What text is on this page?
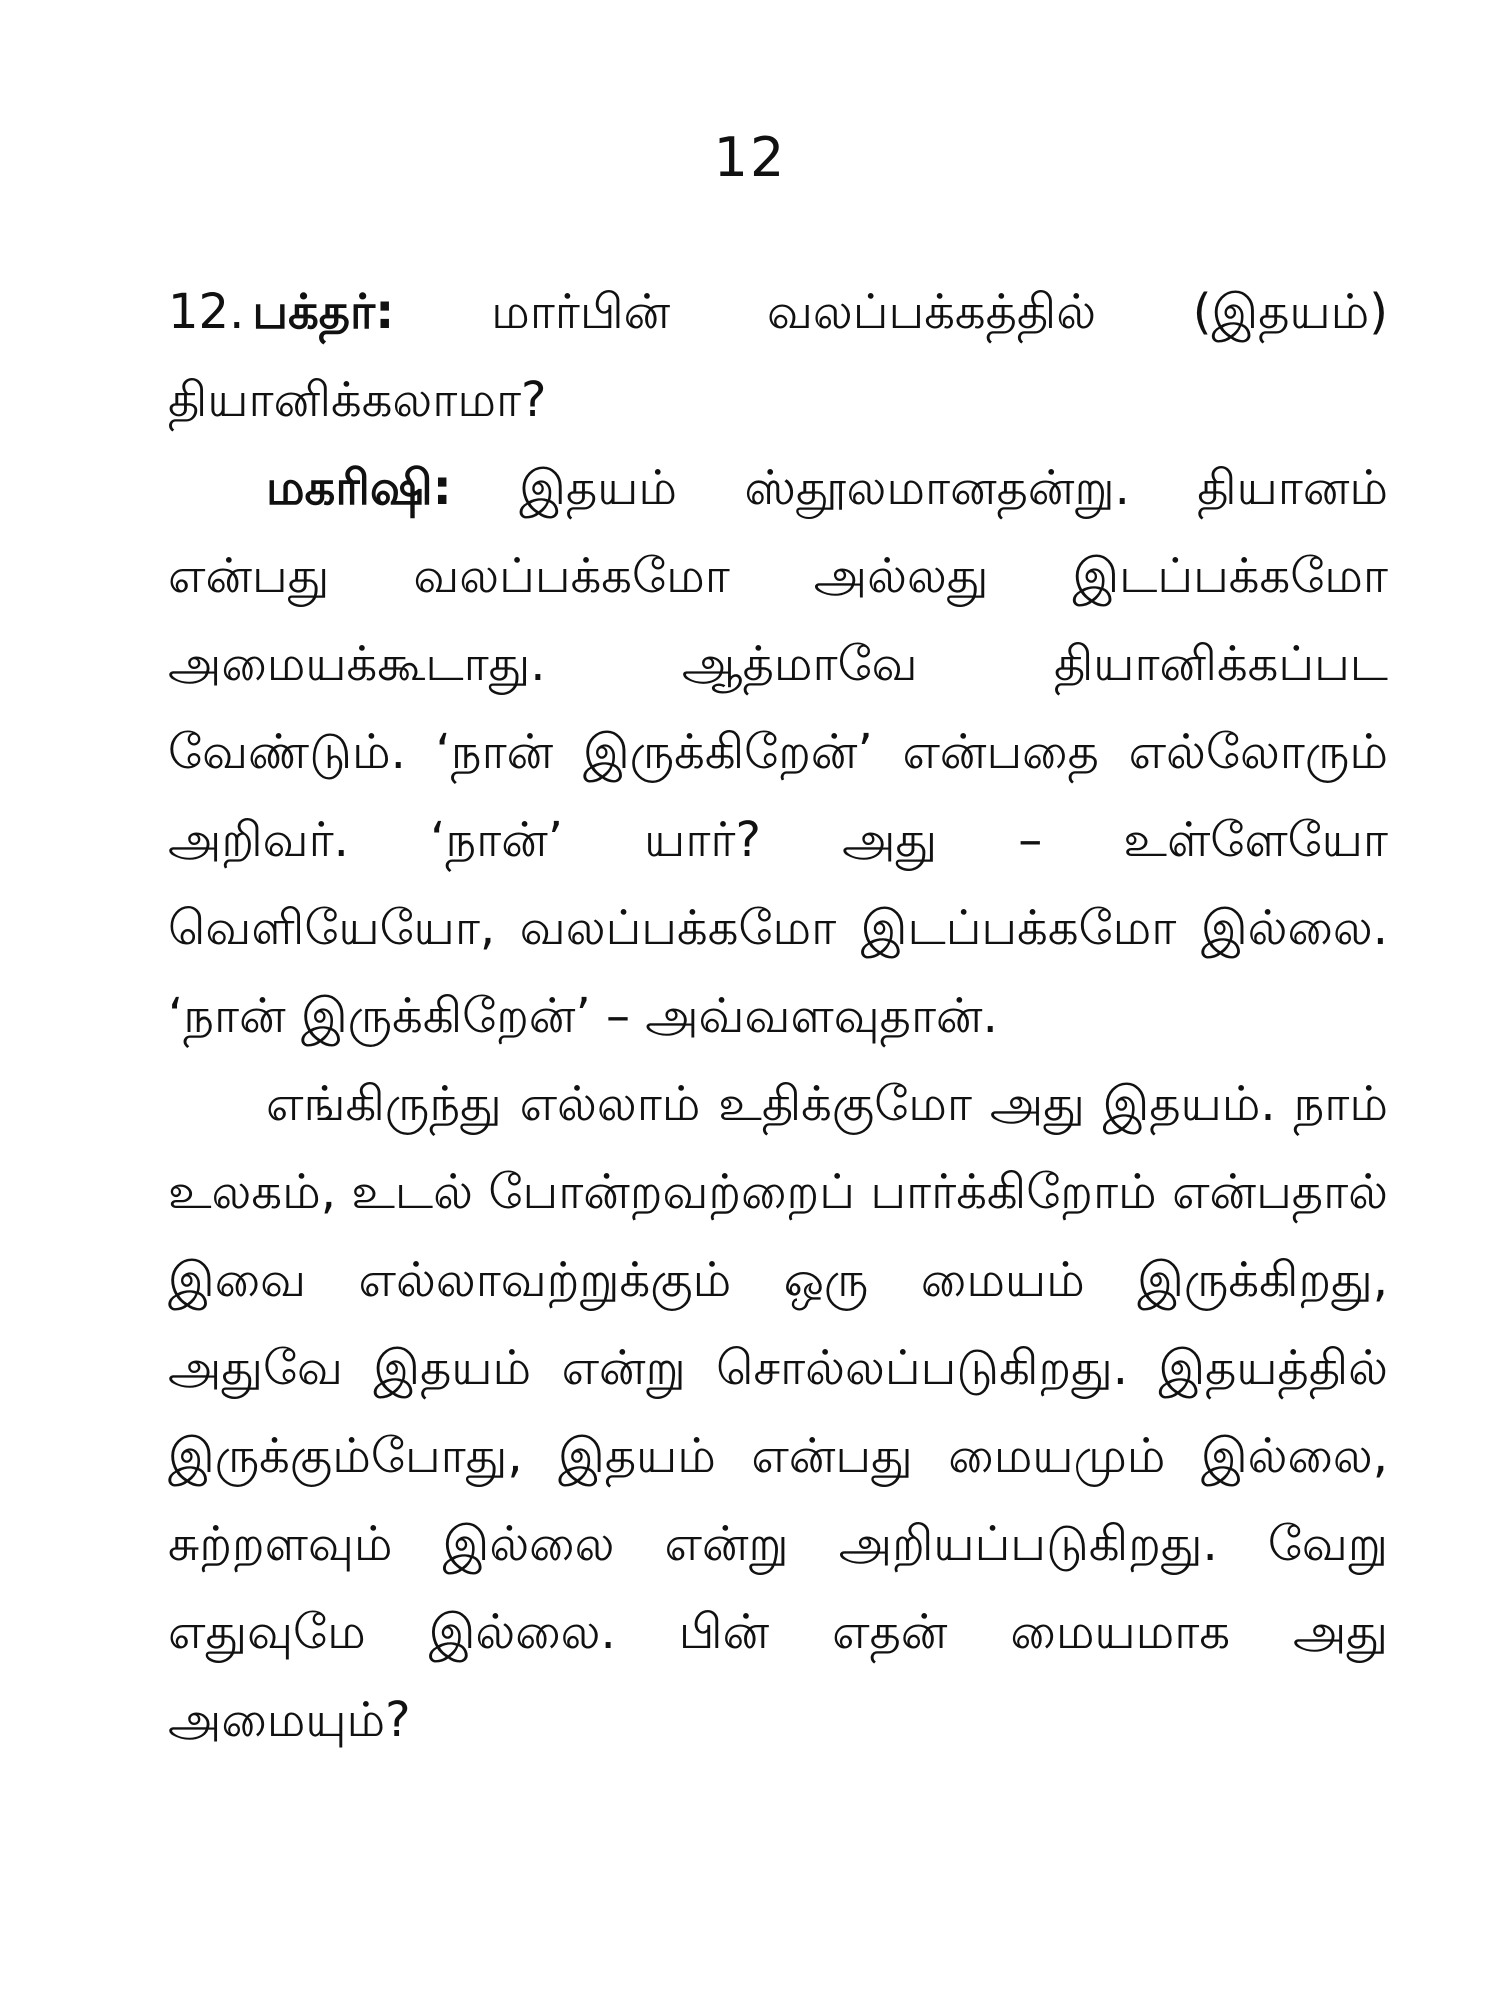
12

12. பக்தர்: மார்பின் வலப்பக்கத்தில் (இதயம்) தியானிக்கலாமா?

மகரிஷி: இதயம் ஸ்தூலமானதன்று. தியானம் என்பது வலப்பக்கமோ அல்லது இடப்பக்கமோ அமையக்கூடாது. ஆத்மாவே தியானிக்கப்பட வேண்டும். ‘நான் இருக்கிறேன்’ என்பதை எல்லோரும் அறிவர். ‘நான்’ யார்? அது – உள்ளேயோ வெளியேயோ, வலப்பக்கமோ இடப்பக்கமோ இல்லை. ‘நான் இருக்கிறேன்’ – அவ்வளவுதான்.

எங்கிருந்து எல்லாம் உதிக்குமோ அது இதயம். நாம் உலகம், உடல் போன்றவற்றைப் பார்க்கிறோம் என்பதால் இவை எல்லாவற்றுக்கும் ஒரு மையம் இருக்கிறது, அதுவே இதயம் என்று சொல்லப்படுகிறது. இதயத்தில் இருக்கும்போது, இதயம் என்பது மையமும் இல்லை, சுற்றளவும் இல்லை என்று அறியப்படுகிறது. வேறு எதுவுமே இல்லை. பின் எதன் மையமாக அது அமையும்?
